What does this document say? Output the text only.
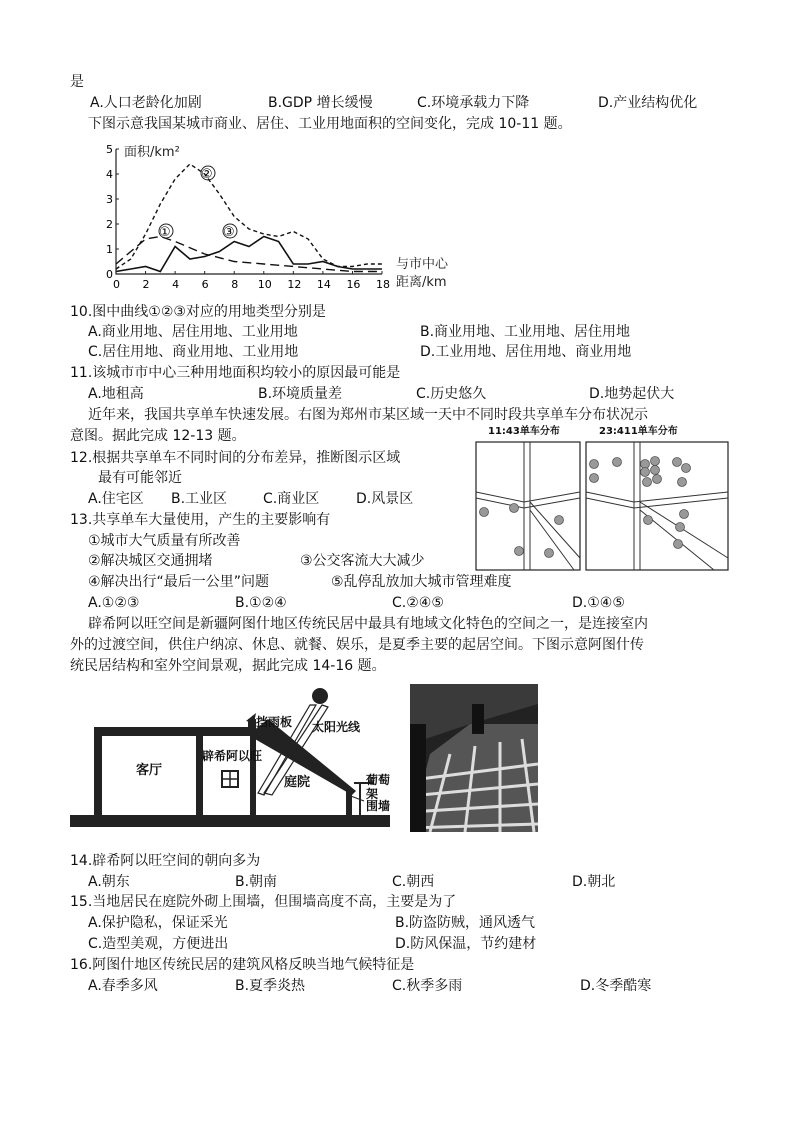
是
A.人口老龄化加剧	B.GDP 增长缓慢	C.环境承载力下降	D.产业结构优化
下图示意我国某城市商业、居住、工业用地面积的空间变化，完成 10-11 题。
0
1
2
3
4
5
0 2 4 6 8 10 12 14 16 18
面积/km²
与市中心
距离/km
①
②
③
10.图中曲线①②③对应的用地类型分别是
A.商业用地、居住用地、工业用地	B.商业用地、工业用地、居住用地
C.居住用地、商业用地、工业用地	D.工业用地、居住用地、商业用地
11.该城市市中心三种用地面积均较小的原因最可能是
A.地租高	B.环境质量差	C.历史悠久	D.地势起伏大
近年来，我国共享单车快速发展。右图为郑州市某区域一天中不同时段共享单车分布状况示
意图。据此完成 12-13 题。	11:43单车分布	23:411单车分布
12.根据共享单车不同时间的分布差异，推断图示区域
最有可能邻近
A.住宅区 B.工业区	C.商业区	D.风景区
13.共享单车大量使用，产生的主要影响有
①城市大气质量有所改善
②解决城区交通拥堵	③公交客流大大减少
④解决出行“最后一公里”问题	⑤乱停乱放加大城市管理难度
A.①②③	B.①②④	C.②④⑤	D.①④⑤
辟希阿以旺空间是新疆阿图什地区传统民居中最具有地域文化特色的空间之一，是连接室内
外的过渡空间，供住户纳凉、休息、就餐、娱乐，是夏季主要的起居空间。下图示意阿图什传
统民居结构和室外空间景观，据此完成 14-16 题。
挡雨板 太阳光线
客厅
辟希阿以旺
庭院	葡萄架
围墙
14.辟希阿以旺空间的朝向多为
A.朝东	B.朝南	C.朝西	D.朝北
15.当地居民在庭院外砌上围墙，但围墙高度不高，主要是为了
A.保护隐私，保证采光	B.防盗防贼，通风透气
C.造型美观，方便进出	D.防风保温，节约建材
16.阿图什地区传统民居的建筑风格反映当地气候特征是
A.春季多风	B.夏季炎热	C.秋季多雨	D.冬季酷寒
